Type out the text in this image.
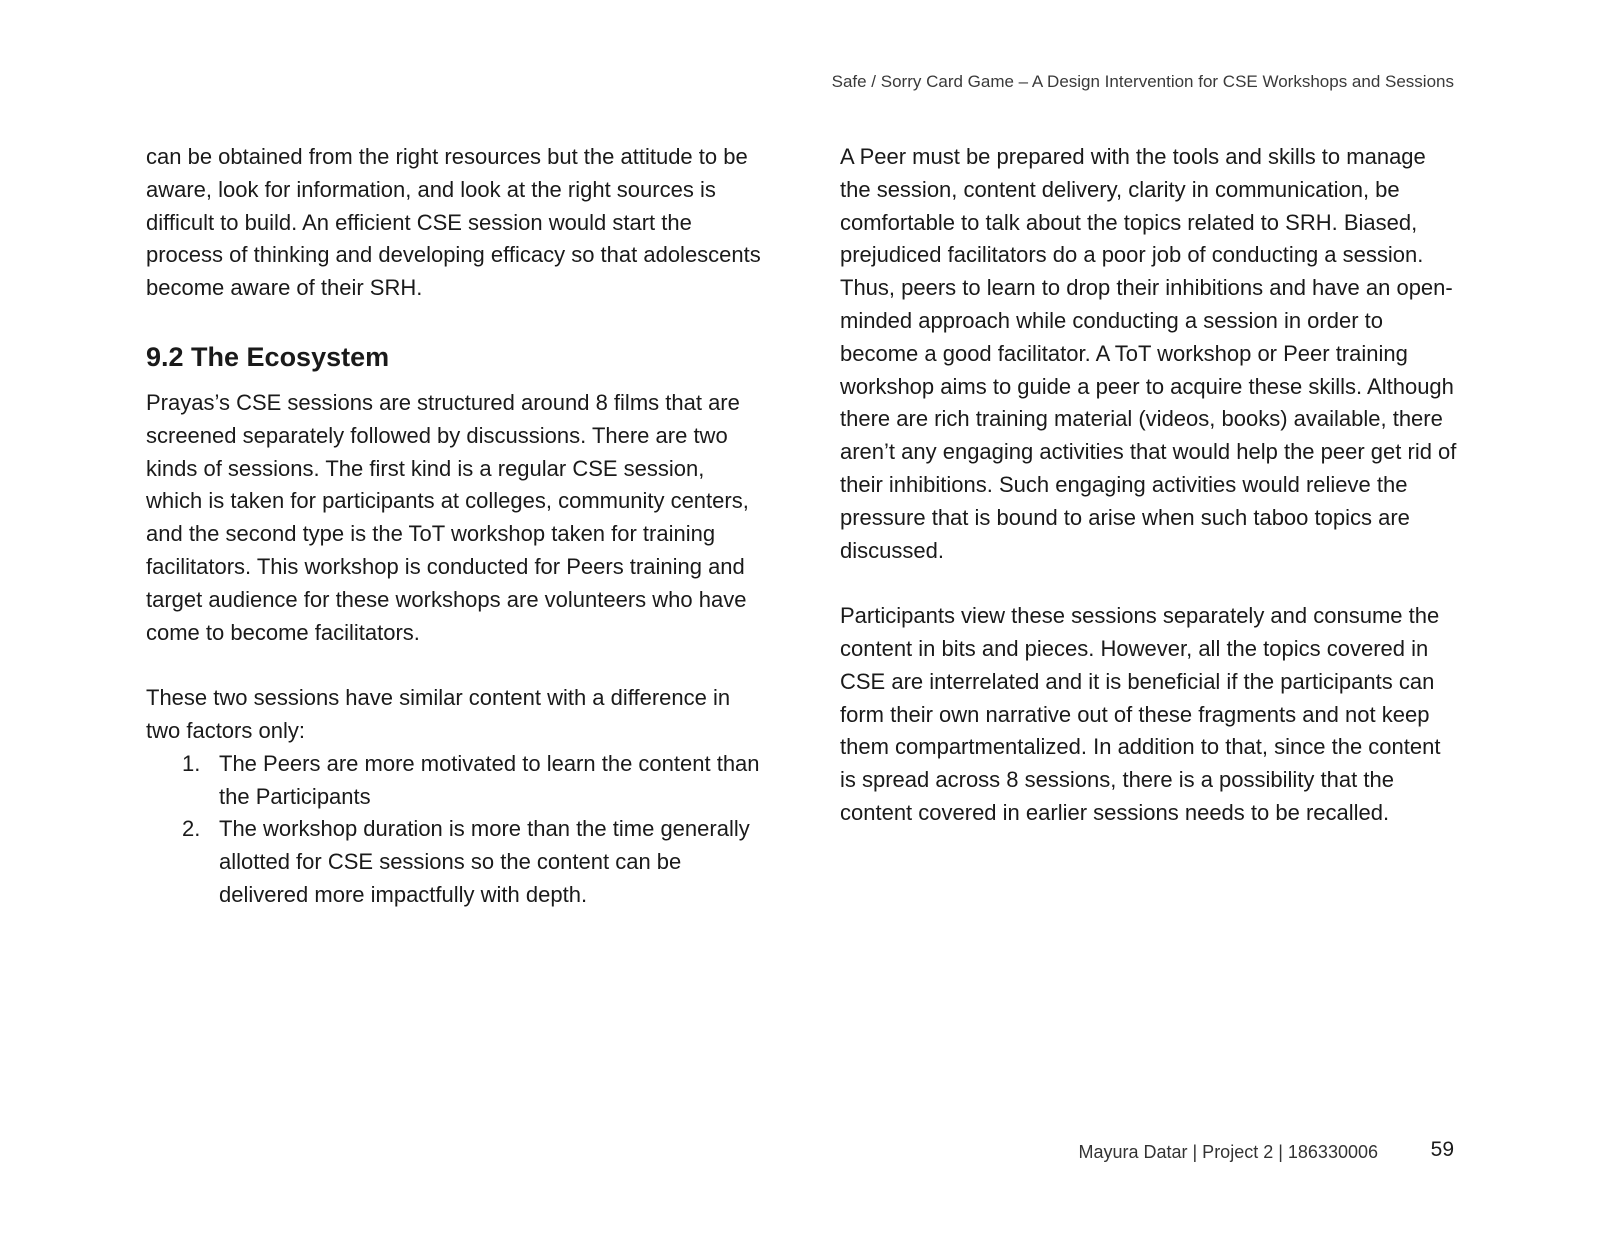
Safe / Sorry Card Game – A Design Intervention for CSE Workshops and Sessions

can be obtained from the right resources but the attitude to be aware, look for information, and look at the right sources is difficult to build. An efficient CSE session would start the process of thinking and developing efficacy so that adolescents become aware of their SRH.

9.2 The Ecosystem

Prayas’s CSE sessions are structured around 8 films that are screened separately followed by discussions. There are two kinds of sessions. The first kind is a regular CSE session, which is taken for participants at colleges, community centers, and the second type is the ToT workshop taken for training facilitators. This workshop is conducted for Peers training and target audience for these workshops are volunteers who have come to become facilitators.

These two sessions have similar content with a difference in two factors only:

1. The Peers are more motivated to learn the content than the Participants
2. The workshop duration is more than the time generally allotted for CSE sessions so the content can be delivered more impactfully with depth.

A Peer must be prepared with the tools and skills to manage the session, content delivery, clarity in communication, be comfortable to talk about the topics related to SRH. Biased, prejudiced facilitators do a poor job of conducting a session. Thus, peers to learn to drop their inhibitions and have an open-minded approach while conducting a session in order to become a good facilitator. A ToT workshop or Peer training workshop aims to guide a peer to acquire these skills. Although there are rich training material (videos, books) available, there aren’t any engaging activities that would help the peer get rid of their inhibitions. Such engaging activities would relieve the pressure that is bound to arise when such taboo topics are discussed.

Participants view these sessions separately and consume the content in bits and pieces. However, all the topics covered in CSE are interrelated and it is beneficial if the participants can form their own narrative out of these fragments and not keep them compartmentalized. In addition to that, since the content is spread across 8 sessions, there is a possibility that the content covered in earlier sessions needs to be recalled.

Mayura Datar | Project 2 | 186330006	59
